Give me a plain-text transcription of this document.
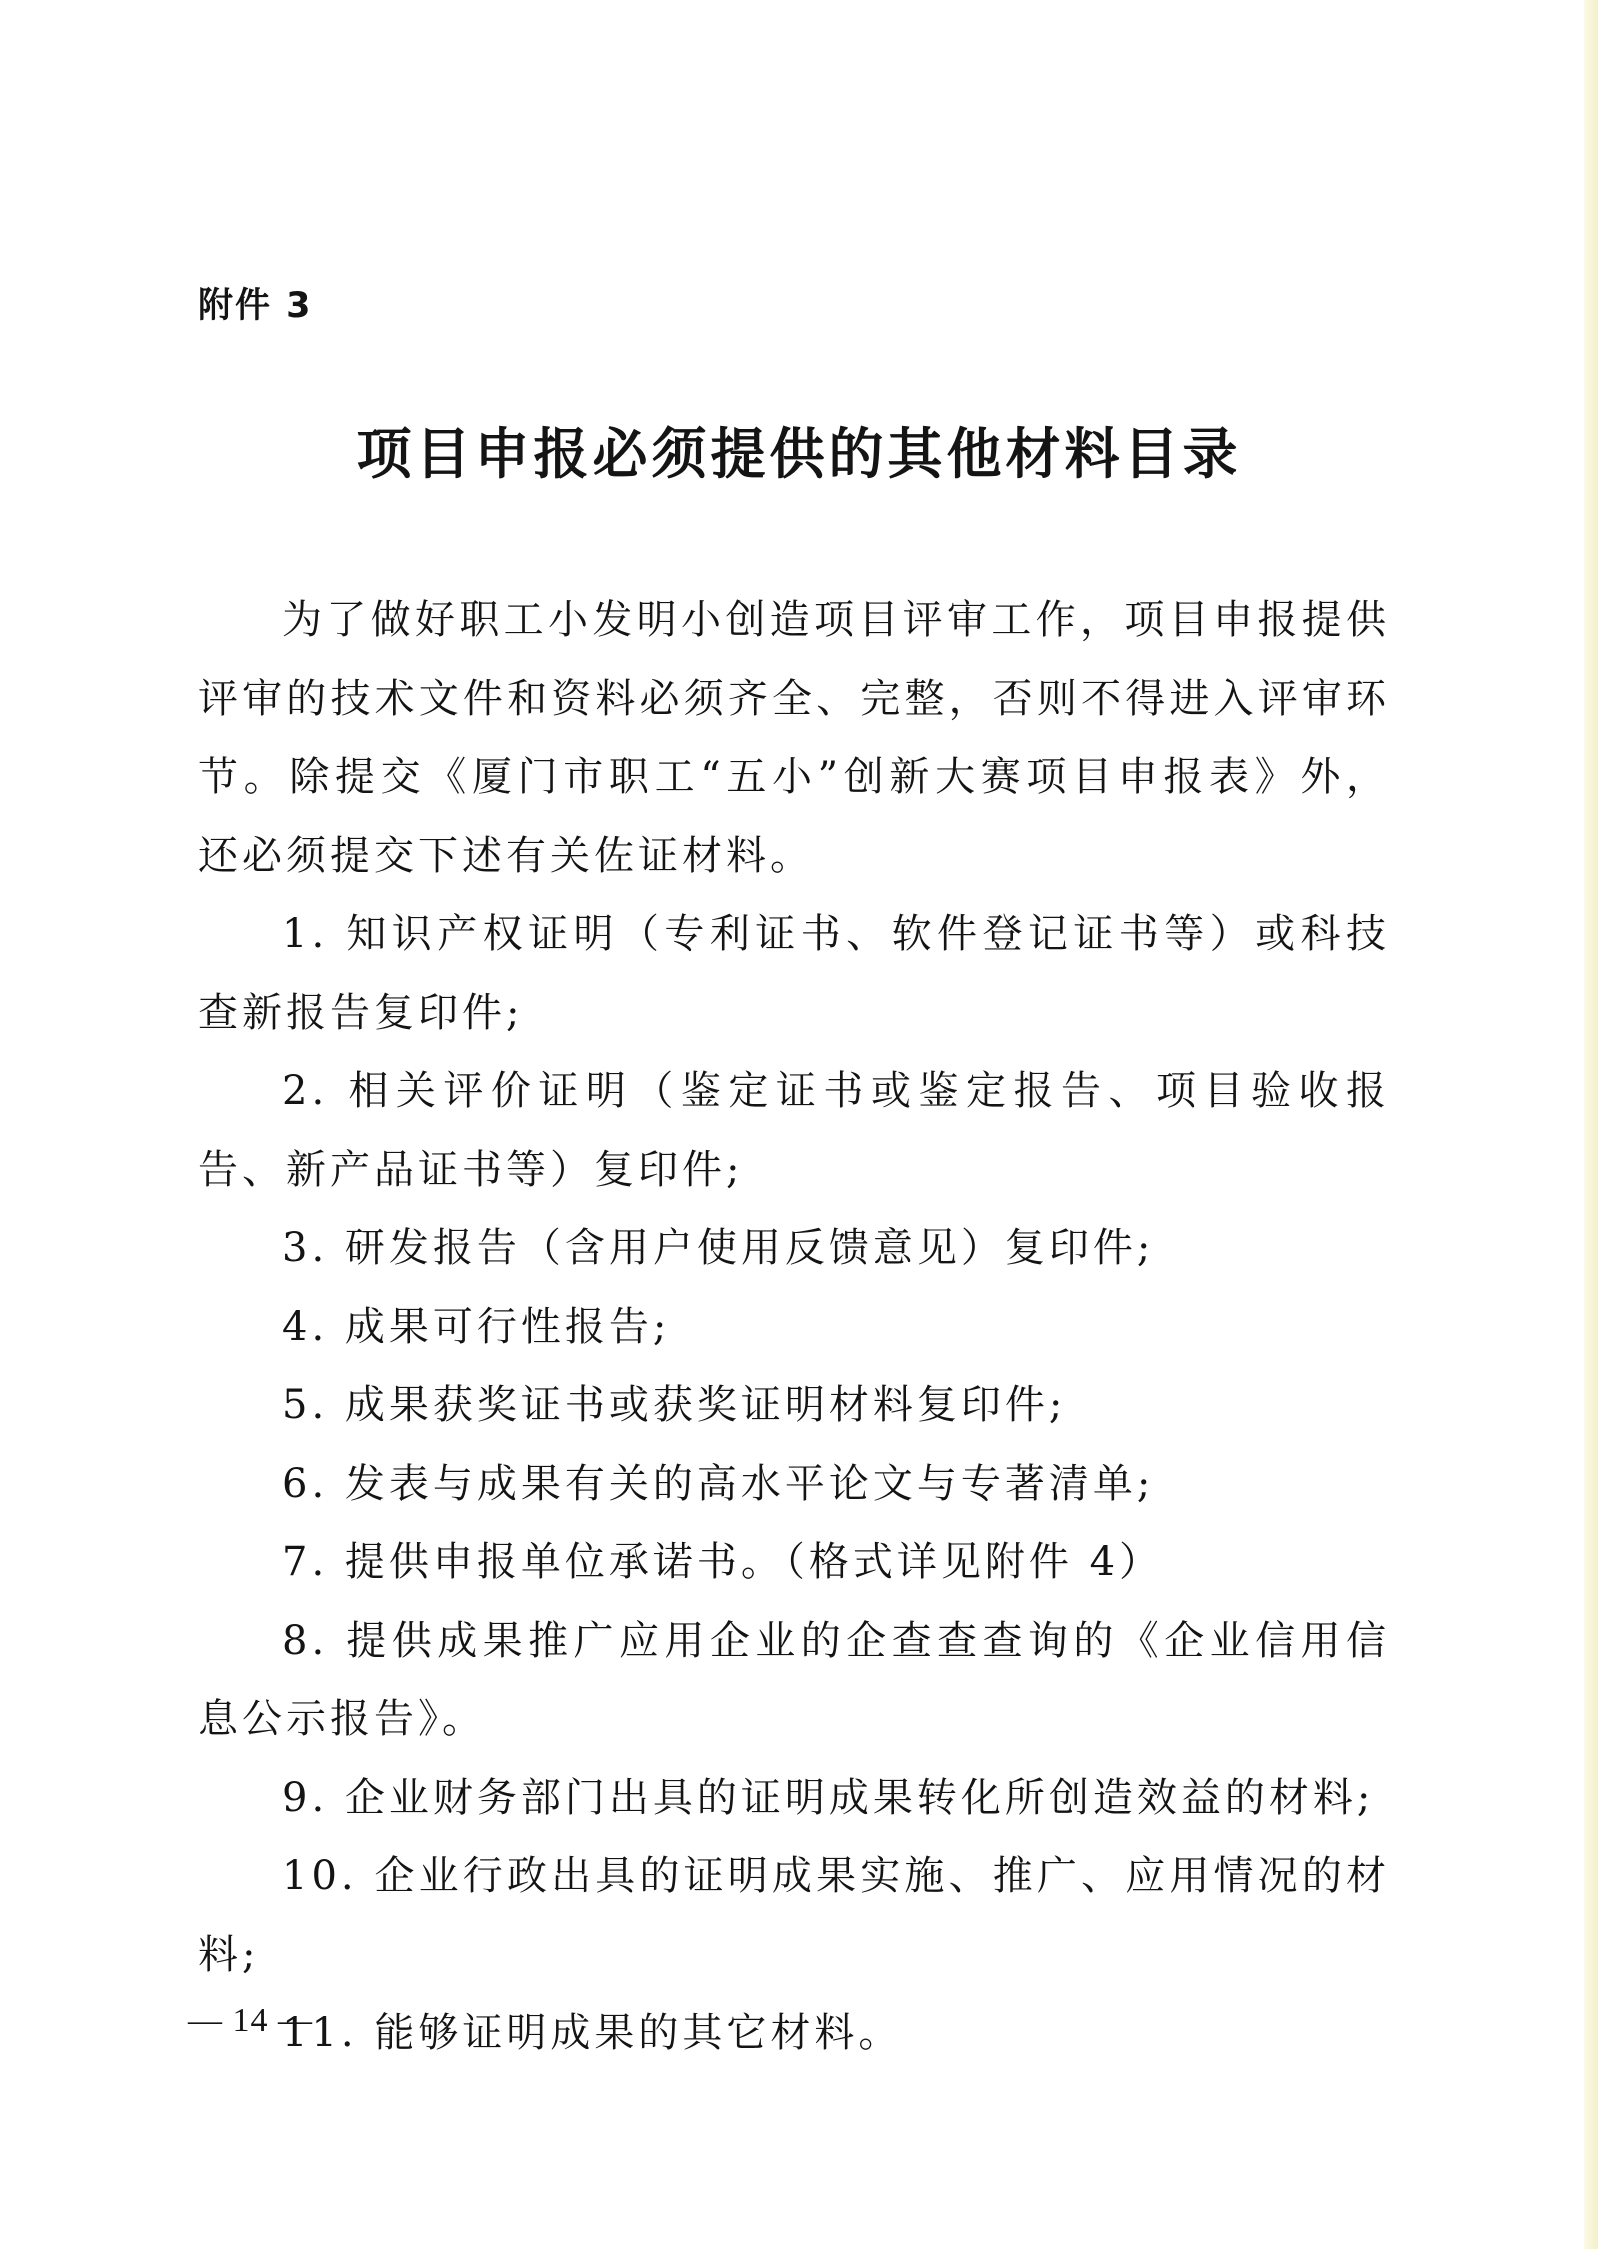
附件 3
项目申报必须提供的其他材料目录

为了做好职工小发明小创造项目评审工作，项目申报提供评审的技术文件和资料必须齐全、完整，否则不得进入评审环节。除提交《厦门市职工“五小”创新大赛项目申报表》外，还必须提交下述有关佐证材料。

1. 知识产权证明（专利证书、软件登记证书等）或科技查新报告复印件;

2. 相关评价证明（鉴定证书或鉴定报告、项目验收报告、新产品证书等）复印件;

3. 研发报告（含用户使用反馈意见）复印件;

4. 成果可行性报告;

5. 成果获奖证书或获奖证明材料复印件;

6. 发表与成果有关的高水平论文与专著清单;

7. 提供申报单位承诺书。（格式详见附件 4）

8. 提供成果推广应用企业的企查查查询的《企业信用信息公示报告》。

9. 企业财务部门出具的证明成果转化所创造效益的材料;

10. 企业行政出具的证明成果实施、推广、应用情况的材料;

11. 能够证明成果的其它材料。

— 14 —
